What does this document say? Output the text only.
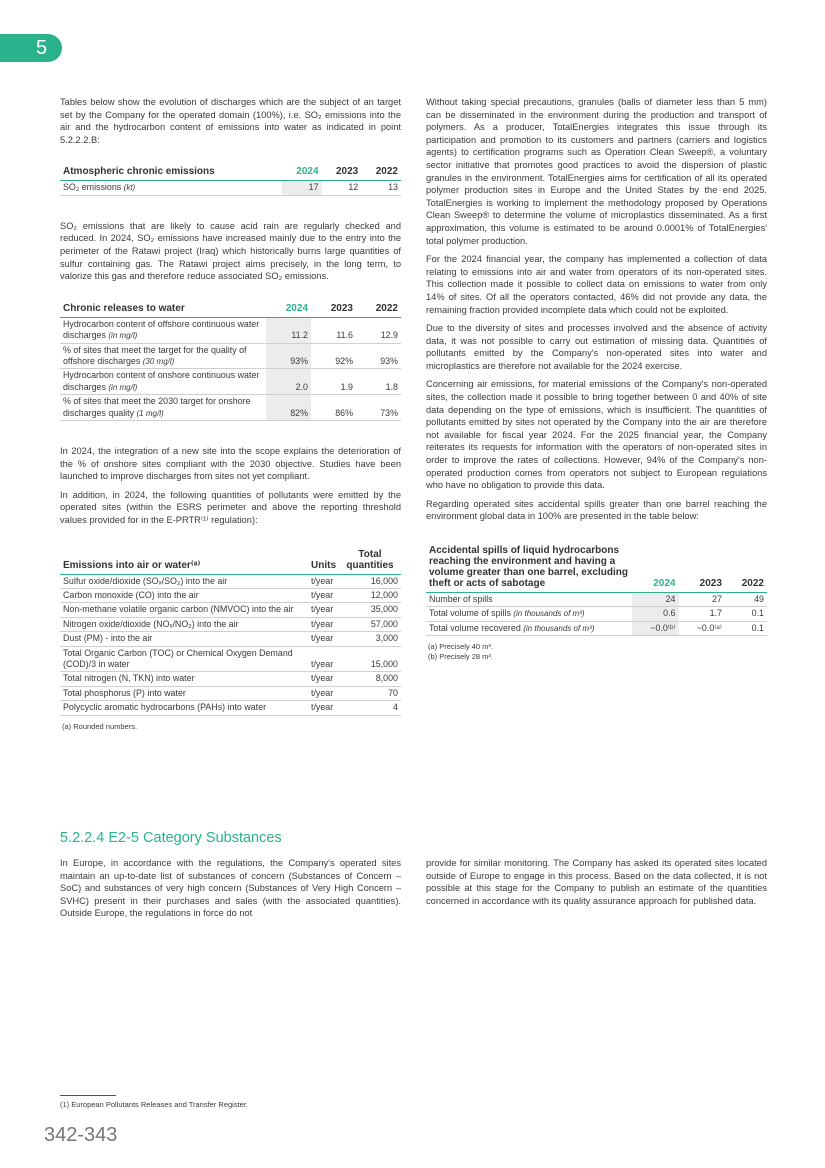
5

Tables below show the evolution of discharges which are the subject of an target set by the Company for the operated domain (100%), i.e. SO₂ emissions into the air and the hydrocarbon content of emissions into water as indicated in point 5.2.2.2.B:

Atmospheric chronic emissions	2024	2023	2022
SO₂ emissions (kt)	17	12	13

SO₂ emissions that are likely to cause acid rain are regularly checked and reduced. In 2024, SO₂ emissions have increased mainly due to the entry into the perimeter of the Ratawi project (Iraq) which historically burns large quantities of sulfur containing gas. The Ratawi project aims precisely, in the long term, to valorize this gas and therefore reduce associated SO₂ emissions.

Chronic releases to water	2024	2023	2022
Hydrocarbon content of offshore continuous water discharges (in mg/l)	11.2	11.6	12.9
% of sites that meet the target for the quality of offshore discharges (30 mg/l)	93%	92%	93%
Hydrocarbon content of onshore continuous water discharges (in mg/l)	2.0	1.9	1.8
% of sites that meet the 2030 target for onshore discharges quality (1 mg/l)	82%	86%	73%

In 2024, the integration of a new site into the scope explains the deterioration of the % of onshore sites compliant with the 2030 objective. Studies have been launched to improve discharges from sites not yet compliant.

In addition, in 2024, the following quantities of pollutants were emitted by the operated sites (within the ESRS perimeter and above the reporting threshold values provided for in the E-PRTR⁽¹⁾ regulation):

Emissions into air or water⁽ᵃ⁾	Units	Total quantities
Sulfur oxide/dioxide (SOₓ/SO₂) into the air	t/year	16,000
Carbon monoxide (CO) into the air	t/year	12,000
Non-methane volatile organic carbon (NMVOC) into the air	t/year	35,000
Nitrogen oxide/dioxide (NOₓ/NO₂) into the air	t/year	57,000
Dust (PM) - into the air	t/year	3,000
Total Organic Carbon (TOC) or Chemical Oxygen Demand (COD)/3 in water	t/year	15,000
Total nitrogen (N, TKN) into water	t/year	8,000
Total phosphorus (P) into water	t/year	70
Polycyclic aromatic hydrocarbons (PAHs) into water	t/year	4

(a) Rounded numbers.

Without taking special precautions, granules (balls of diameter less than 5 mm) can be disseminated in the environment during the production and transport of polymers. As a producer, TotalEnergies integrates this issue through its participation and promotion to its customers and partners (carriers and logistics agents) to certification programs such as Operation Clean Sweep®, a voluntary sector initiative that promotes good practices to avoid the dispersion of plastic granules in the environment. TotalEnergies aims for certification of all its operated polymer production sites in Europe and the United States by the end 2025. TotalEnergies is working to implement the methodology proposed by Operations Clean Sweep® to determine the volume of microplastics disseminated. As a first approximation, this volume is estimated to be around 0.0001% of TotalEnergies' total polymer production.

For the 2024 financial year, the company has implemented a collection of data relating to emissions into air and water from operators of its non-operated sites. This collection made it possible to collect data on emissions to water from only 14% of sites. Of all the operators contacted, 46% did not provide any data, the remaining fraction provided incomplete data which could not be exploited.

Due to the diversity of sites and processes involved and the absence of activity data, it was not possible to carry out estimation of missing data. Quantities of pollutants emitted by the Company's non-operated sites into water and microplastics are therefore not available for the 2024 exercise.

Concerning air emissions, for material emissions of the Company's non-operated sites, the collection made it possible to bring together between 0 and 40% of site data depending on the type of emissions, which is insufficient. The quantities of pollutants emitted by sites not operated by the Company into the air are therefore not available for fiscal year 2024. For the 2025 financial year, the Company reiterates its requests for information with the operators of non-operated sites in order to improve the rates of collections. However, 94% of the Company's non-operated production comes from operators not subject to European regulations who have no obligation to provide this data.

Regarding operated sites accidental spills greater than one barrel reaching the environment global data in 100% are presented in the table below:

Accidental spills of liquid hydrocarbons reaching the environment and having a volume greater than one barrel, excluding theft or acts of sabotage	2024	2023	2022
Number of spills	24	27	49
Total volume of spills (in thousands of m³)	0.6	1.7	0.1
Total volume recovered (in thousands of m³)	~0.0⁽ᵇ⁾	~0.0⁽ᵃ⁾	0.1

(a) Precisely 40 m³.

(b) Precisely 28 m³.

5.2.2.4 E2-5 Category Substances

In Europe, in accordance with the regulations, the Company's operated sites maintain an up-to-date list of substances of concern (Substances of Concern – SoC) and substances of very high concern (Substances of Very High Concern – SVHC) present in their purchases and sales (with the associated quantities). Outside Europe, the regulations in force do not

provide for similar monitoring. The Company has asked its operated sites located outside of Europe to engage in this process. Based on the data collected, it is not possible at this stage for the Company to publish an estimate of the quantities concerned in accordance with its quality assurance approach for published data.

(1) European Pollutants Releases and Transfer Register.
342-343
